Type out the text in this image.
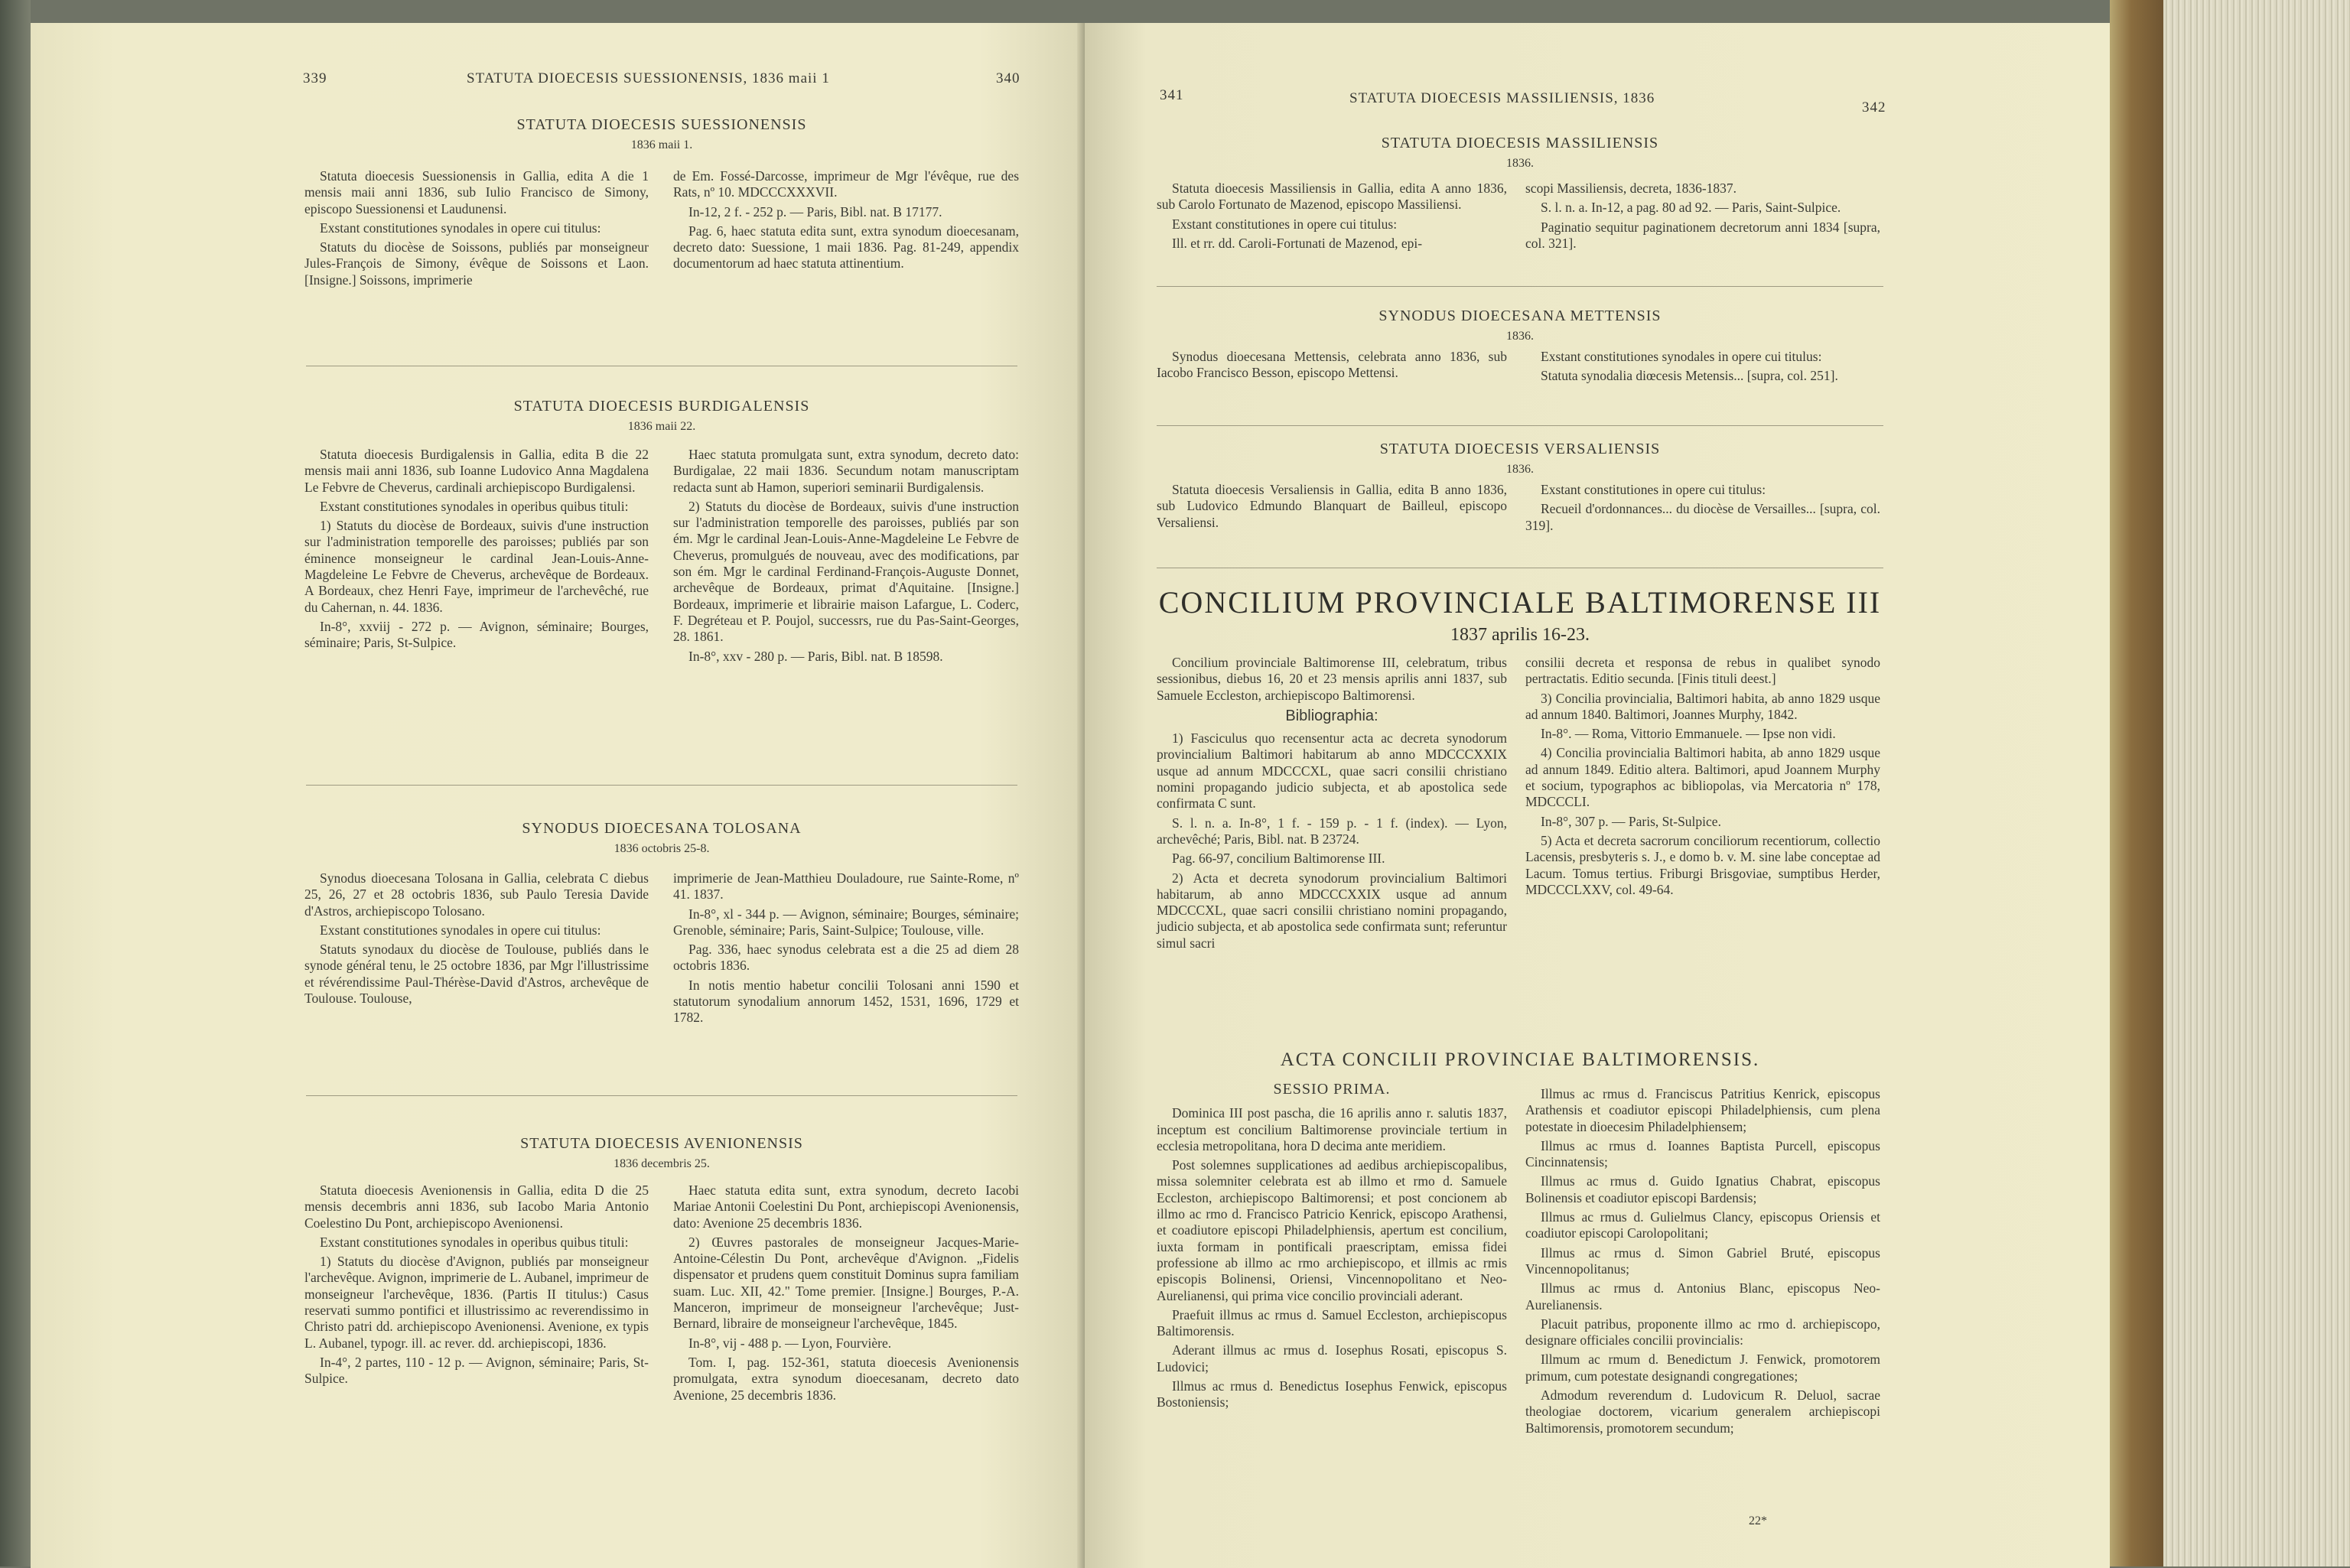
339	STATUTA DIOECESIS SUESSIONENSIS, 1836 maii 1	340
STATUTA DIOECESIS SUESSIONENSIS
1836 maii 1.

Statuta dioecesis Suessionensis in Gallia, edita A die 1 mensis maii anni 1836, sub Iulio Francisco de Simony, episcopo Suessionensi et Laudunensi.

Exstant constitutiones synodales in opere cui titulus:

Statuts du diocèse de Soissons, publiés par monseigneur Jules-François de Simony, évêque de Soissons et Laon. [Insigne.] Soissons, imprimerie

de Em. Fossé-Darcosse, imprimeur de Mgr l'évêque, rue des Rats, nº 10. MDCCCXXXVII.

In-12, 2 f. - 252 p. — Paris, Bibl. nat. B 17177.

Pag. 6, haec statuta edita sunt, extra synodum dioecesanam, decreto dato: Suessione, 1 maii 1836. Pag. 81-249, appendix documentorum ad haec statuta attinentium.

STATUTA DIOECESIS BURDIGALENSIS
1836 maii 22.

Statuta dioecesis Burdigalensis in Gallia, edita B die 22 mensis maii anni 1836, sub Ioanne Ludovico Anna Magdalena Le Febvre de Cheverus, cardinali archiepiscopo Burdigalensi.

Exstant constitutiones synodales in operibus quibus tituli:

1) Statuts du diocèse de Bordeaux, suivis d'une instruction sur l'administration temporelle des paroisses; publiés par son éminence monseigneur le cardinal Jean-Louis-Anne-Magdeleine Le Febvre de Cheverus, archevêque de Bordeaux. A Bordeaux, chez Henri Faye, imprimeur de l'archevêché, rue du Cahernan, n. 44. 1836.

In-8°, xxviij - 272 p. — Avignon, séminaire; Bourges, séminaire; Paris, St-Sulpice.

Haec statuta promulgata sunt, extra synodum, decreto dato: Burdigalae, 22 maii 1836. Secundum notam manuscriptam redacta sunt ab Hamon, superiori seminarii Burdigalensis.

2) Statuts du diocèse de Bordeaux, suivis d'une instruction sur l'administration temporelle des paroisses, publiés par son ém. Mgr le cardinal Jean-Louis-Anne-Magdeleine Le Febvre de Cheverus, promulgués de nouveau, avec des modifications, par son ém. Mgr le cardinal Ferdinand-François-Auguste Donnet, archevêque de Bordeaux, primat d'Aquitaine. [Insigne.] Bordeaux, imprimerie et librairie maison Lafargue, L. Coderc, F. Degréteau et P. Poujol, successrs, rue du Pas-Saint-Georges, 28. 1861.

In-8°, xxv - 280 p. — Paris, Bibl. nat. B 18598.

SYNODUS DIOECESANA TOLOSANA
1836 octobris 25-8.

Synodus dioecesana Tolosana in Gallia, celebrata C diebus 25, 26, 27 et 28 octobris 1836, sub Paulo Teresia Davide d'Astros, archiepiscopo Tolosano.

Exstant constitutiones synodales in opere cui titulus:

Statuts synodaux du diocèse de Toulouse, publiés dans le synode général tenu, le 25 octobre 1836, par Mgr l'illustrissime et révérendissime Paul-Thérèse-David d'Astros, archevêque de Toulouse. Toulouse,

imprimerie de Jean-Matthieu Douladoure, rue Sainte-Rome, nº 41. 1837.

In-8°, xl - 344 p. — Avignon, séminaire; Bourges, séminaire; Grenoble, séminaire; Paris, Saint-Sulpice; Toulouse, ville.

Pag. 336, haec synodus celebrata est a die 25 ad diem 28 octobris 1836.

In notis mentio habetur concilii Tolosani anni 1590 et statutorum synodalium annorum 1452, 1531, 1696, 1729 et 1782.

STATUTA DIOECESIS AVENIONENSIS
1836 decembris 25.

Statuta dioecesis Avenionensis in Gallia, edita D die 25 mensis decembris anni 1836, sub Iacobo Maria Antonio Coelestino Du Pont, archiepiscopo Avenionensi.

Exstant constitutiones synodales in operibus quibus tituli:

1) Statuts du diocèse d'Avignon, publiés par monseigneur l'archevêque. Avignon, imprimerie de L. Aubanel, imprimeur de monseigneur l'archevêque, 1836. (Partis II titulus:) Casus reservati summo pontifici et illustrissimo ac reverendissimo in Christo patri dd. archiepiscopo Avenionensi. Avenione, ex typis L. Aubanel, typogr. ill. ac rever. dd. archiepiscopi, 1836.

In-4°, 2 partes, 110 - 12 p. — Avignon, séminaire; Paris, St-Sulpice.

Haec statuta edita sunt, extra synodum, decreto Iacobi Mariae Antonii Coelestini Du Pont, archiepiscopi Avenionensis, dato: Avenione 25 decembris 1836.

2) Œuvres pastorales de monseigneur Jacques-Marie-Antoine-Célestin Du Pont, archevêque d'Avignon. „Fidelis dispensator et prudens quem constituit Dominus supra familiam suam. Luc. XII, 42." Tome premier. [Insigne.] Bourges, P.-A. Manceron, imprimeur de monseigneur l'archevêque; Just-Bernard, libraire de monseigneur l'archevêque, 1845.

In-8°, vij - 488 p. — Lyon, Fourvière.

Tom. I, pag. 152-361, statuta dioecesis Avenionensis promulgata, extra synodum dioecesanam, decreto dato Avenione, 25 decembris 1836.

341	STATUTA DIOECESIS MASSILIENSIS, 1836
342
STATUTA DIOECESIS MASSILIENSIS
1836.

Statuta dioecesis Massiliensis in Gallia, edita A anno 1836, sub Carolo Fortunato de Mazenod, episcopo Massiliensi.

Exstant constitutiones in opere cui titulus:

Ill. et rr. dd. Caroli-Fortunati de Mazenod, epi-

scopi Massiliensis, decreta, 1836-1837.

S. l. n. a. In-12, a pag. 80 ad 92. — Paris, Saint-Sulpice.

Paginatio sequitur paginationem decretorum anni 1834 [supra, col. 321].

SYNODUS DIOECESANA METTENSIS
1836.

Synodus dioecesana Mettensis, celebrata anno 1836, sub Iacobo Francisco Besson, episcopo Mettensi.

Exstant constitutiones synodales in opere cui titulus:

Statuta synodalia diœcesis Metensis... [supra, col. 251].

STATUTA DIOECESIS VERSALIENSIS
1836.

Statuta dioecesis Versaliensis in Gallia, edita B anno 1836, sub Ludovico Edmundo Blanquart de Bailleul, episcopo Versaliensi.

Exstant constitutiones in opere cui titulus:

Recueil d'ordonnances... du diocèse de Versailles... [supra, col. 319].

CONCILIUM PROVINCIALE BALTIMORENSE III
1837 aprilis 16-23.

Concilium provinciale Baltimorense III, celebratum, tribus sessionibus, diebus 16, 20 et 23 mensis aprilis anni 1837, sub Samuele Eccleston, archiepiscopo Baltimorensi.

Bibliographia:

1) Fasciculus quo recensentur acta ac decreta synodorum provincialium Baltimori habitarum ab anno MDCCCXXIX usque ad annum MDCCCXL, quae sacri consilii christiano nomini propagando judicio subjecta, et ab apostolica sede confirmata C sunt.

S. l. n. a. In-8°, 1 f. - 159 p. - 1 f. (index). — Lyon, archevêché; Paris, Bibl. nat. B 23724.

Pag. 66-97, concilium Baltimorense III.

2) Acta et decreta synodorum provincialium Baltimori habitarum, ab anno MDCCCXXIX usque ad annum MDCCCXL, quae sacri consilii christiano nomini propagando, judicio subjecta, et ab apostolica sede confirmata sunt; referuntur simul sacri

consilii decreta et responsa de rebus in qualibet synodo pertractatis. Editio secunda. [Finis tituli deest.]

3) Concilia provincialia, Baltimori habita, ab anno 1829 usque ad annum 1840. Baltimori, Joannes Murphy, 1842.

In-8°. — Roma, Vittorio Emmanuele. — Ipse non vidi.

4) Concilia provincialia Baltimori habita, ab anno 1829 usque ad annum 1849. Editio altera. Baltimori, apud Joannem Murphy et socium, typographos ac bibliopolas, via Mercatoria nº 178, MDCCCLI.

In-8°, 307 p. — Paris, St-Sulpice.

5) Acta et decreta sacrorum conciliorum recentiorum, collectio Lacensis, presbyteris s. J., e domo b. v. M. sine labe conceptae ad Lacum. Tomus tertius. Friburgi Brisgoviae, sumptibus Herder, MDCCCLXXV, col. 49-64.

ACTA CONCILII PROVINCIAE BALTIMORENSIS.
SESSIO PRIMA.

Dominica III post pascha, die 16 aprilis anno r. salutis 1837, inceptum est concilium Baltimorense provinciale tertium in ecclesia metropolitana, hora D decima ante meridiem.

Post solemnes supplicationes ad aedibus archiepiscopalibus, missa solemniter celebrata est ab illmo et rmo d. Samuele Eccleston, archiepiscopo Baltimorensi; et post concionem ab illmo ac rmo d. Francisco Patricio Kenrick, episcopo Arathensi, et coadiutore episcopi Philadelphiensis, apertum est concilium, iuxta formam in pontificali praescriptam, emissa fidei professione ab illmo ac rmo archiepiscopo, et illmis ac rmis episcopis Bolinensi, Oriensi, Vincennopolitano et Neo-Aurelianensi, qui prima vice concilio provinciali aderant.

Praefuit illmus ac rmus d. Samuel Eccleston, archiepiscopus Baltimorensis.

Aderant illmus ac rmus d. Iosephus Rosati, episcopus S. Ludovici;

Illmus ac rmus d. Benedictus Iosephus Fenwick, episcopus Bostoniensis;

Illmus ac rmus d. Franciscus Patritius Kenrick, episcopus Arathensis et coadiutor episcopi Philadelphiensis, cum plena potestate in dioecesim Philadelphiensem;

Illmus ac rmus d. Ioannes Baptista Purcell, episcopus Cincinnatensis;

Illmus ac rmus d. Guido Ignatius Chabrat, episcopus Bolinensis et coadiutor episcopi Bardensis;

Illmus ac rmus d. Gulielmus Clancy, episcopus Oriensis et coadiutor episcopi Carolopolitani;

Illmus ac rmus d. Simon Gabriel Bruté, episcopus Vincennopolitanus;

Illmus ac rmus d. Antonius Blanc, episcopus Neo-Aurelianensis.

Placuit patribus, proponente illmo ac rmo d. archiepiscopo, designare officiales concilii provincialis:

Illmum ac rmum d. Benedictum J. Fenwick, promotorem primum, cum potestate designandi congregationes;

Admodum reverendum d. Ludovicum R. Deluol, sacrae theologiae doctorem, vicarium generalem archiepiscopi Baltimorensis, promotorem secundum;

22*
